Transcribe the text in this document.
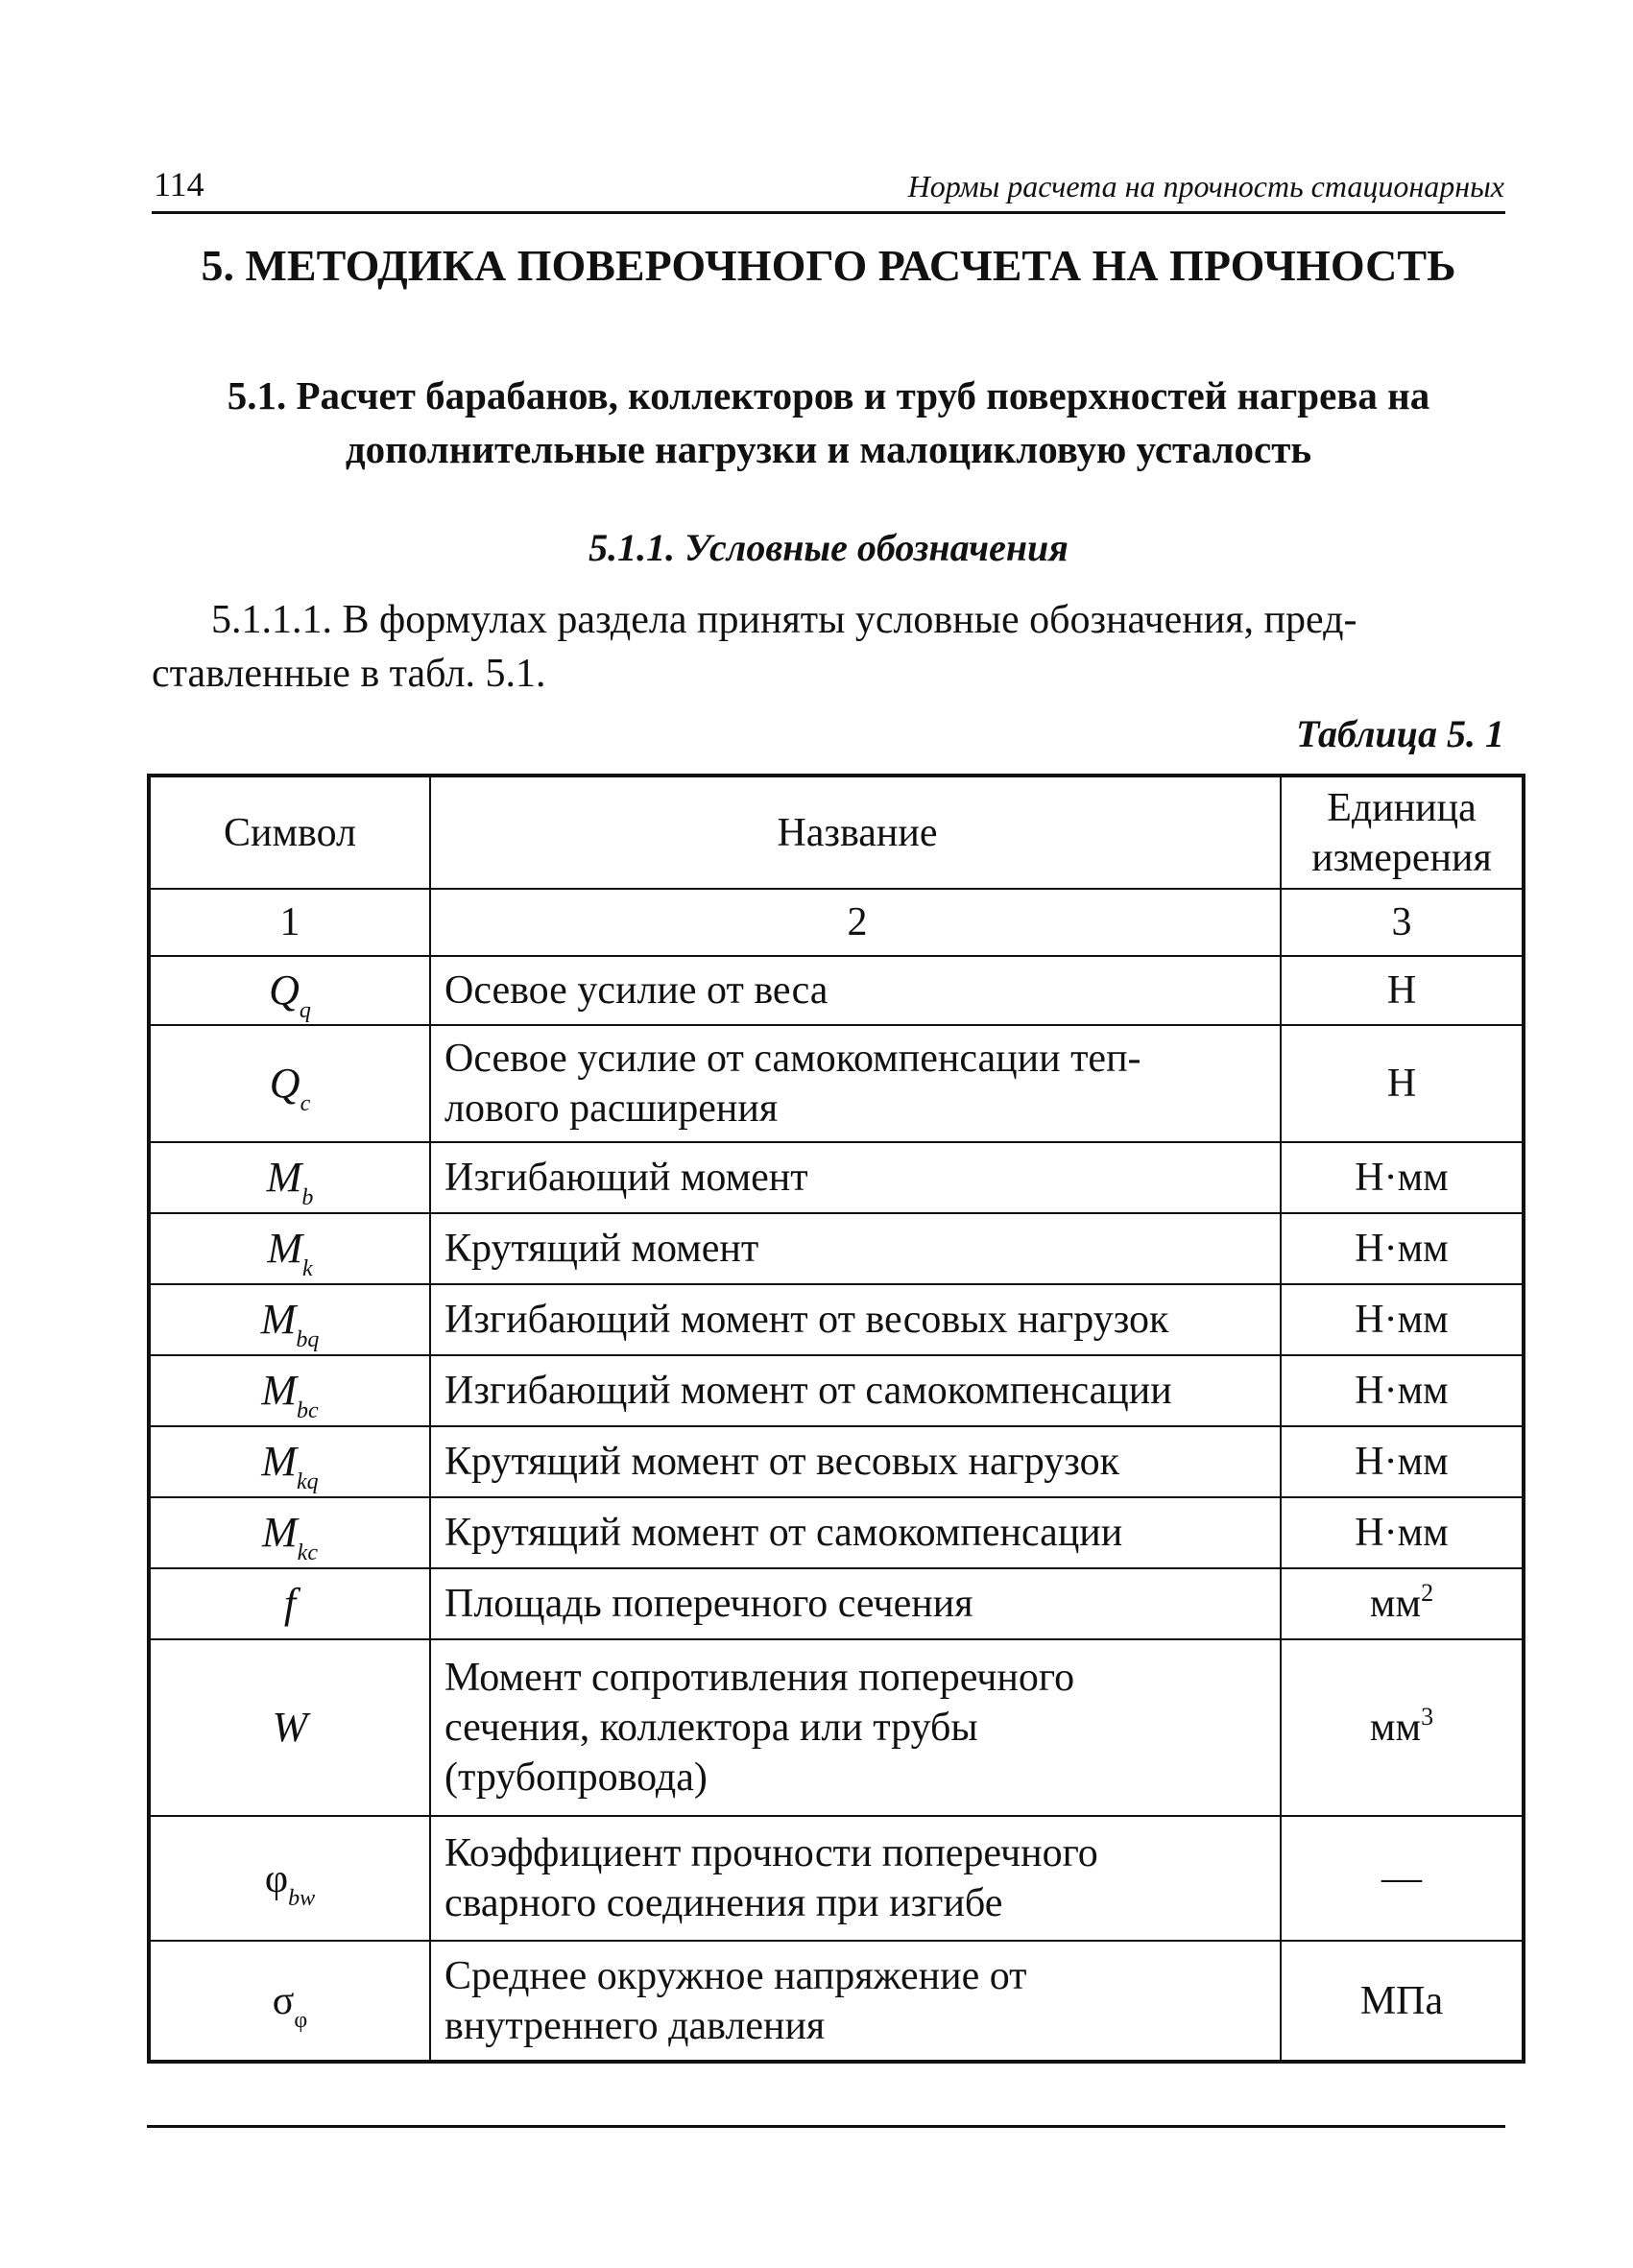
114	Нормы расчета на прочность стационарных
5. МЕТОДИКА ПОВЕРОЧНОГО РАСЧЕТА НА ПРОЧНОСТЬ
5.1. Расчет барабанов, коллекторов и труб поверхностей нагрева на
дополнительные нагрузки и малоцикловую усталость
5.1.1. Условные обозначения

5.1.1.1. В формулах раздела приняты условные обозначения, пред-
ставленные в табл. 5.1.

Таблица 5. 1
Символ	Название	Единица
измерения
1	2	3
$Q_q$	Осевое усилие от веса	Н
$Q_c$	Осевое усилие от самокомпенсации теп-
лового расширения	Н
$M_b$	Изгибающий момент	Н·мм
$M_k$	Крутящий момент	Н·мм
$M_{bq}$	Изгибающий момент от весовых нагрузок	Н·мм
$M_{bc}$	Изгибающий момент от самокомпенсации	Н·мм
$M_{kq}$	Крутящий момент от весовых нагрузок	Н·мм
$M_{kc}$	Крутящий момент от самокомпенсации	Н·мм
f	Площадь поперечного сечения	$мм^2$
W	Момент сопротивления поперечного
сечения, коллектора или трубы
(трубопровода)	$мм^3$
$\varphi_{bw}$	Коэффициент прочности поперечного
сварного соединения при изгибе	—
$\sigma_\varphi$	Среднее окружное напряжение от
внутреннего давления	МПа
